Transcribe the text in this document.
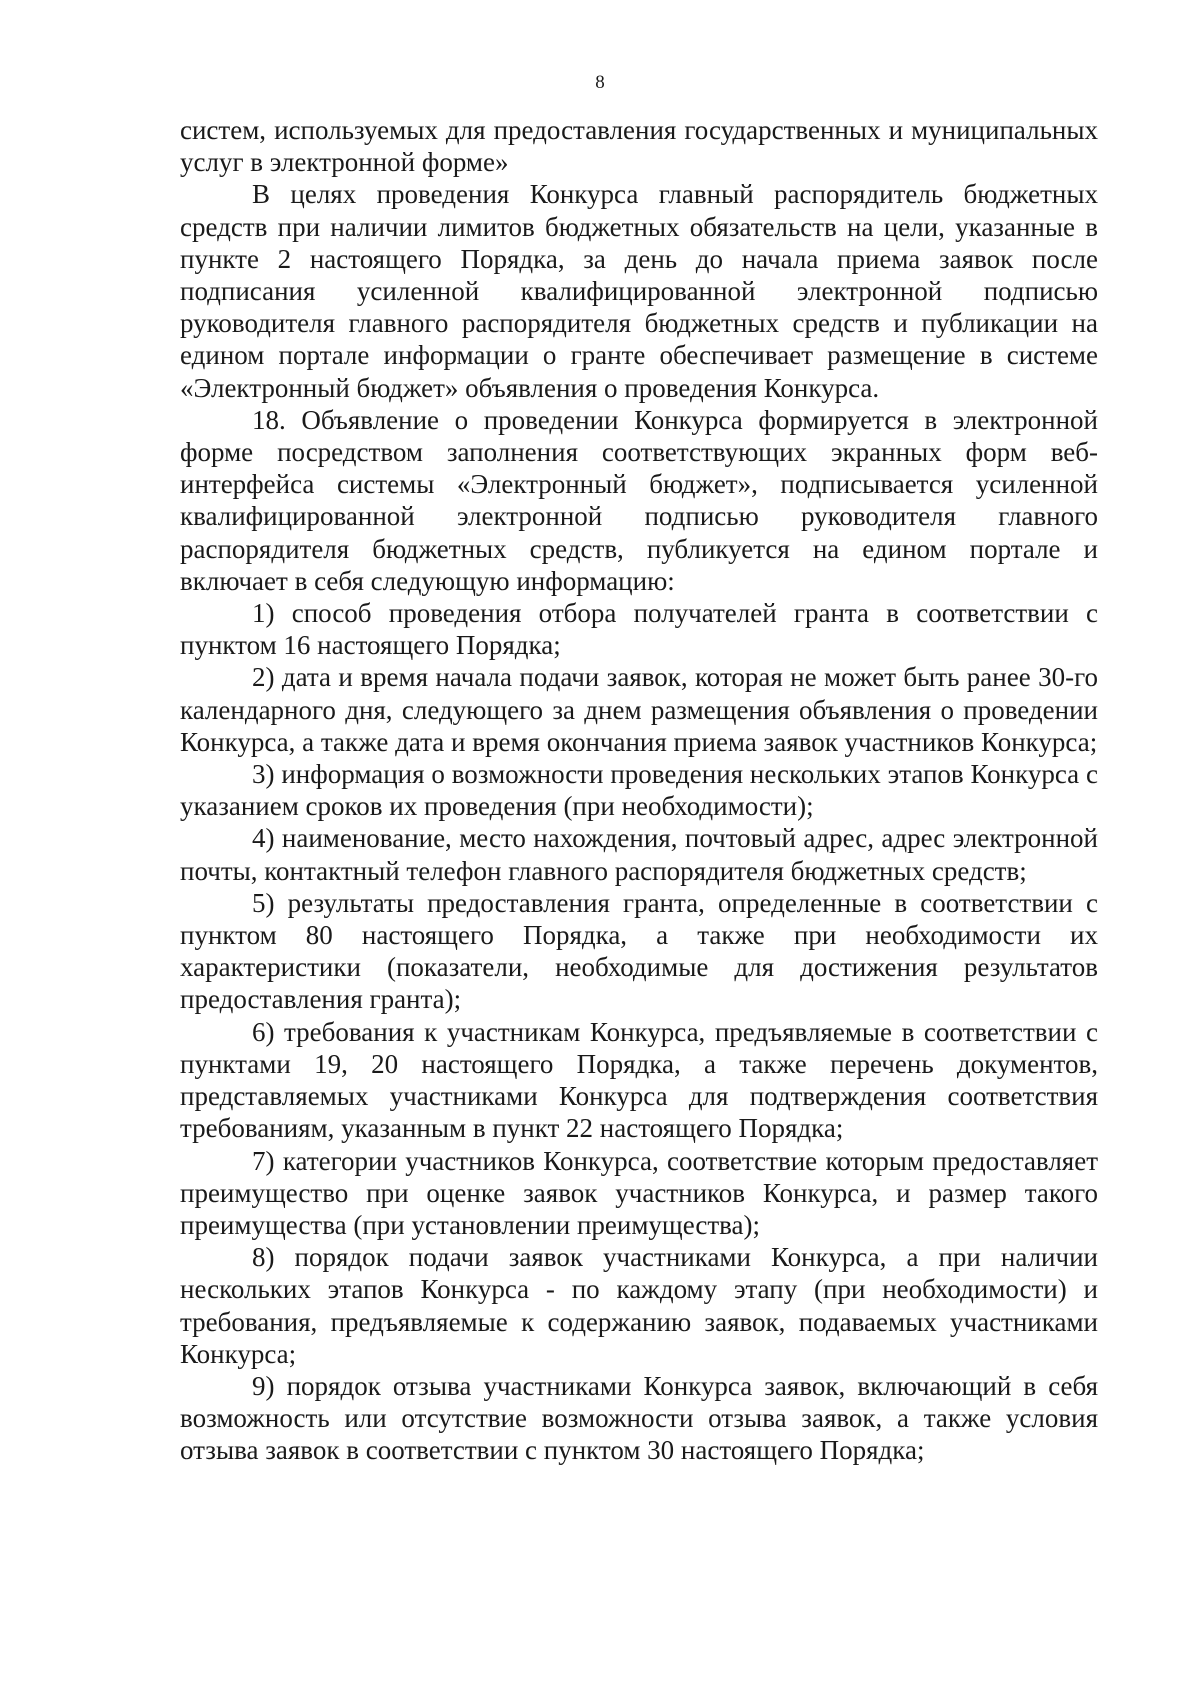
8

систем, используемых для предоставления государственных и муниципальных услуг в электронной форме»

В целях проведения Конкурса главный распорядитель бюджетных средств при наличии лимитов бюджетных обязательств на цели, указанные в пункте 2 настоящего Порядка, за день до начала приема заявок после подписания усиленной квалифицированной электронной подписью руководителя главного распорядителя бюджетных средств и публикации на едином портале информации о гранте обеспечивает размещение в системе «Электронный бюджет» объявления о проведения Конкурса.

18. Объявление о проведении Конкурса формируется в электронной форме посредством заполнения соответствующих экранных форм веб-интерфейса системы «Электронный бюджет», подписывается усиленной квалифицированной электронной подписью руководителя главного распорядителя бюджетных средств, публикуется на едином портале и включает в себя следующую информацию:

1) способ проведения отбора получателей гранта в соответствии с пунктом 16 настоящего Порядка;

2) дата и время начала подачи заявок, которая не может быть ранее 30-го календарного дня, следующего за днем размещения объявления о проведении Конкурса, а также дата и время окончания приема заявок участников Конкурса;

3) информация о возможности проведения нескольких этапов Конкурса с указанием сроков их проведения (при необходимости);

4) наименование, место нахождения, почтовый адрес, адрес электронной почты, контактный телефон главного распорядителя бюджетных средств;

5) результаты предоставления гранта, определенные в соответствии с пунктом 80 настоящего Порядка, а также при необходимости их характеристики (показатели, необходимые для достижения результатов предоставления гранта);

6) требования к участникам Конкурса, предъявляемые в соответствии с пунктами 19, 20 настоящего Порядка, а также перечень документов, представляемых участниками Конкурса для подтверждения соответствия требованиям, указанным в пункт 22 настоящего Порядка;

7) категории участников Конкурса, соответствие которым предоставляет преимущество при оценке заявок участников Конкурса, и размер такого преимущества (при установлении преимущества);

8) порядок подачи заявок участниками Конкурса, а при наличии нескольких этапов Конкурса - по каждому этапу (при необходимости) и требования, предъявляемые к содержанию заявок, подаваемых участниками Конкурса;

9) порядок отзыва участниками Конкурса заявок, включающий в себя возможность или отсутствие возможности отзыва заявок, а также условия отзыва заявок в соответствии с пунктом 30 настоящего Порядка;
